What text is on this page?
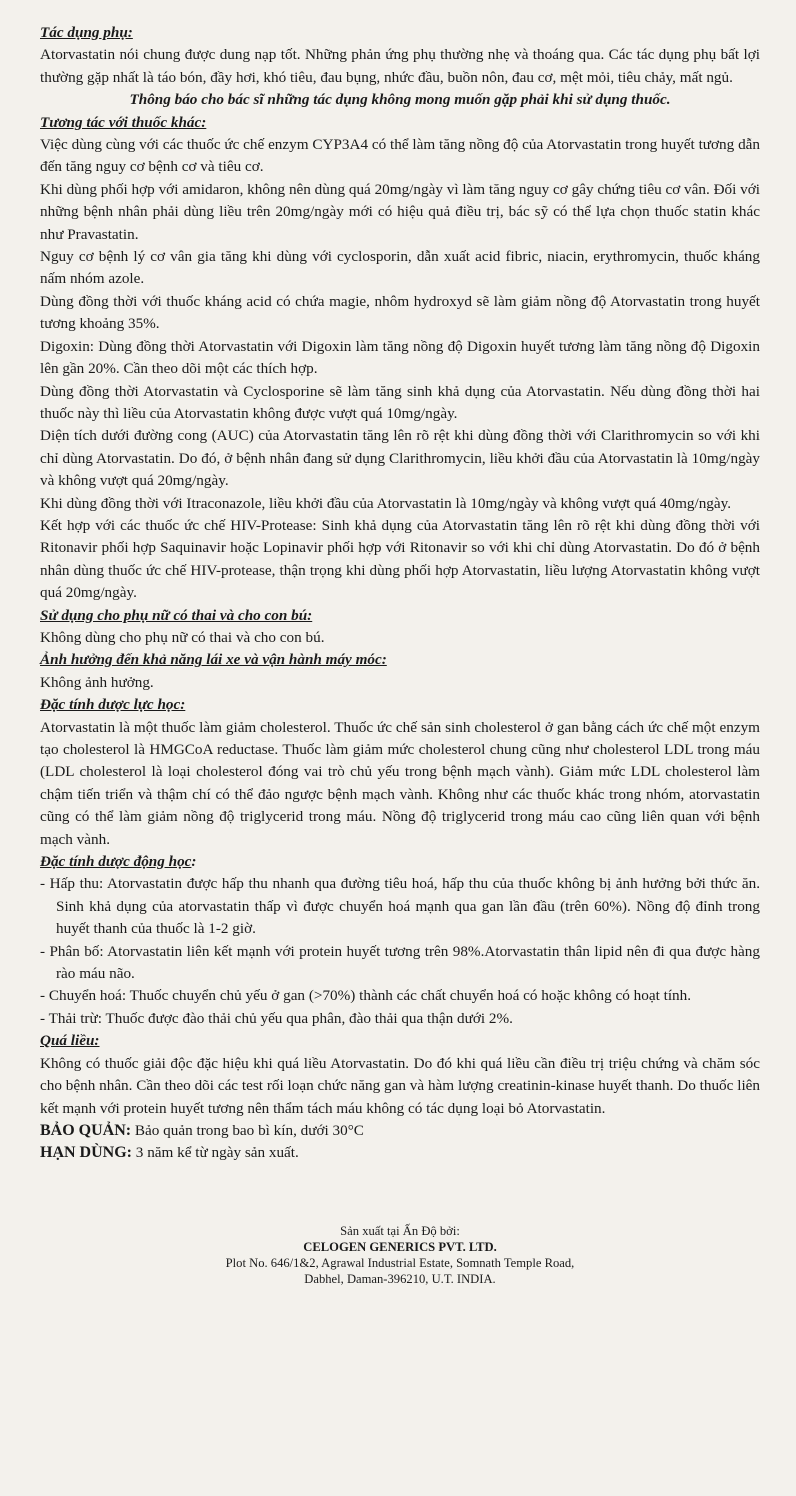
Tác dụng phụ:

Atorvastatin nói chung được dung nạp tốt. Những phản ứng phụ thường nhẹ và thoáng qua. Các tác dụng phụ bất lợi thường gặp nhất là táo bón, đầy hơi, khó tiêu, đau bụng, nhức đầu, buồn nôn, đau cơ, mệt mỏi, tiêu chảy, mất ngủ.

Thông báo cho bác sĩ những tác dụng không mong muốn gặp phải khi sử dụng thuốc.

Tương tác với thuốc khác:

Việc dùng cùng với các thuốc ức chế enzym CYP3A4 có thể làm tăng nồng độ của Atorvastatin trong huyết tương dẫn đến tăng nguy cơ bệnh cơ và tiêu cơ.

Khi dùng phối hợp với amidaron, không nên dùng quá 20mg/ngày vì làm tăng nguy cơ gây chứng tiêu cơ vân. Đối với những bệnh nhân phải dùng liều trên 20mg/ngày mới có hiệu quả điều trị, bác sỹ có thể lựa chọn thuốc statin khác như Pravastatin.

Nguy cơ bệnh lý cơ vân gia tăng khi dùng với cyclosporin, dẫn xuất acid fibric, niacin, erythromycin, thuốc kháng nấm nhóm azole.

Dùng đồng thời với thuốc kháng acid có chứa magie, nhôm hydroxyd sẽ làm giảm nồng độ Atorvastatin trong huyết tương khoảng 35%.

Digoxin: Dùng đồng thời Atorvastatin với Digoxin làm tăng nồng độ Digoxin huyết tương làm tăng nồng độ Digoxin lên gần 20%. Cần theo dõi một các thích hợp.

Dùng đồng thời Atorvastatin và Cyclosporine sẽ làm tăng sinh khả dụng của Atorvastatin. Nếu dùng đồng thời hai thuốc này thì liều của Atorvastatin không được vượt quá 10mg/ngày.

Diện tích dưới đường cong (AUC) của Atorvastatin tăng lên rõ rệt khi dùng đồng thời với Clarithromycin so với khi chỉ dùng Atorvastatin. Do đó, ở bệnh nhân đang sử dụng Clarithromycin, liều khởi đầu của Atorvastatin là 10mg/ngày và không vượt quá 20mg/ngày.

Khi dùng đồng thời với Itraconazole, liều khởi đầu của Atorvastatin là 10mg/ngày và không vượt quá 40mg/ngày.

Kết hợp với các thuốc ức chế HIV-Protease: Sinh khả dụng của Atorvastatin tăng lên rõ rệt khi dùng đồng thời với Ritonavir phối hợp Saquinavir hoặc Lopinavir phối hợp với Ritonavir so với khi chỉ dùng Atorvastatin. Do đó ở bệnh nhân dùng thuốc ức chế HIV-protease, thận trọng khi dùng phối hợp Atorvastatin, liều lượng Atorvastatin không vượt quá 20mg/ngày.

Sử dụng cho phụ nữ có thai và cho con bú:

Không dùng cho phụ nữ có thai và cho con bú.

Ảnh hưởng đến khả năng lái xe và vận hành máy móc:

Không ảnh hưởng.

Đặc tính dược lực học:

Atorvastatin là một thuốc làm giảm cholesterol. Thuốc ức chế sản sinh cholesterol ở gan bằng cách ức chế một enzym tạo cholesterol là HMGCoA reductase. Thuốc làm giảm mức cholesterol chung cũng như cholesterol LDL trong máu (LDL cholesterol là loại cholesterol đóng vai trò chủ yếu trong bệnh mạch vành). Giảm mức LDL cholesterol làm chậm tiến triển và thậm chí có thể đảo ngược bệnh mạch vành. Không như các thuốc khác trong nhóm, atorvastatin cũng có thể làm giảm nồng độ triglycerid trong máu. Nồng độ triglycerid trong máu cao cũng liên quan với bệnh mạch vành.

Đặc tính dược động học:

- Hấp thu: Atorvastatin được hấp thu nhanh qua đường tiêu hoá, hấp thu của thuốc không bị ảnh hưởng bởi thức ăn. Sinh khả dụng của atorvastatin thấp vì được chuyển hoá mạnh qua gan lần đầu (trên 60%). Nồng độ đỉnh trong huyết thanh của thuốc là 1-2 giờ.

- Phân bố: Atorvastatin liên kết mạnh với protein huyết tương trên 98%.Atorvastatin thân lipid nên đi qua được hàng rào máu não.

- Chuyển hoá: Thuốc chuyển chủ yếu ở gan (>70%) thành các chất chuyển hoá có hoặc không có hoạt tính.

- Thải trừ: Thuốc được đào thải chủ yếu qua phân, đào thải qua thận dưới 2%.

Quá liều:

Không có thuốc giải độc đặc hiệu khi quá liều Atorvastatin. Do đó khi quá liều cần điều trị triệu chứng và chăm sóc cho bệnh nhân. Cần theo dõi các test rối loạn chức năng gan và hàm lượng creatinin-kinase huyết thanh. Do thuốc liên kết mạnh với protein huyết tương nên thẩm tách máu không có tác dụng loại bỏ Atorvastatin.

BẢO QUẢN: Bảo quản trong bao bì kín, dưới 30°C

HẠN DÙNG: 3 năm kể từ ngày sản xuất.

Sản xuất tại Ấn Độ bởi:
CELOGEN GENERICS PVT. LTD.
Plot No. 646/1&2, Agrawal Industrial Estate, Somnath Temple Road,
Dabhel, Daman-396210, U.T. INDIA.
